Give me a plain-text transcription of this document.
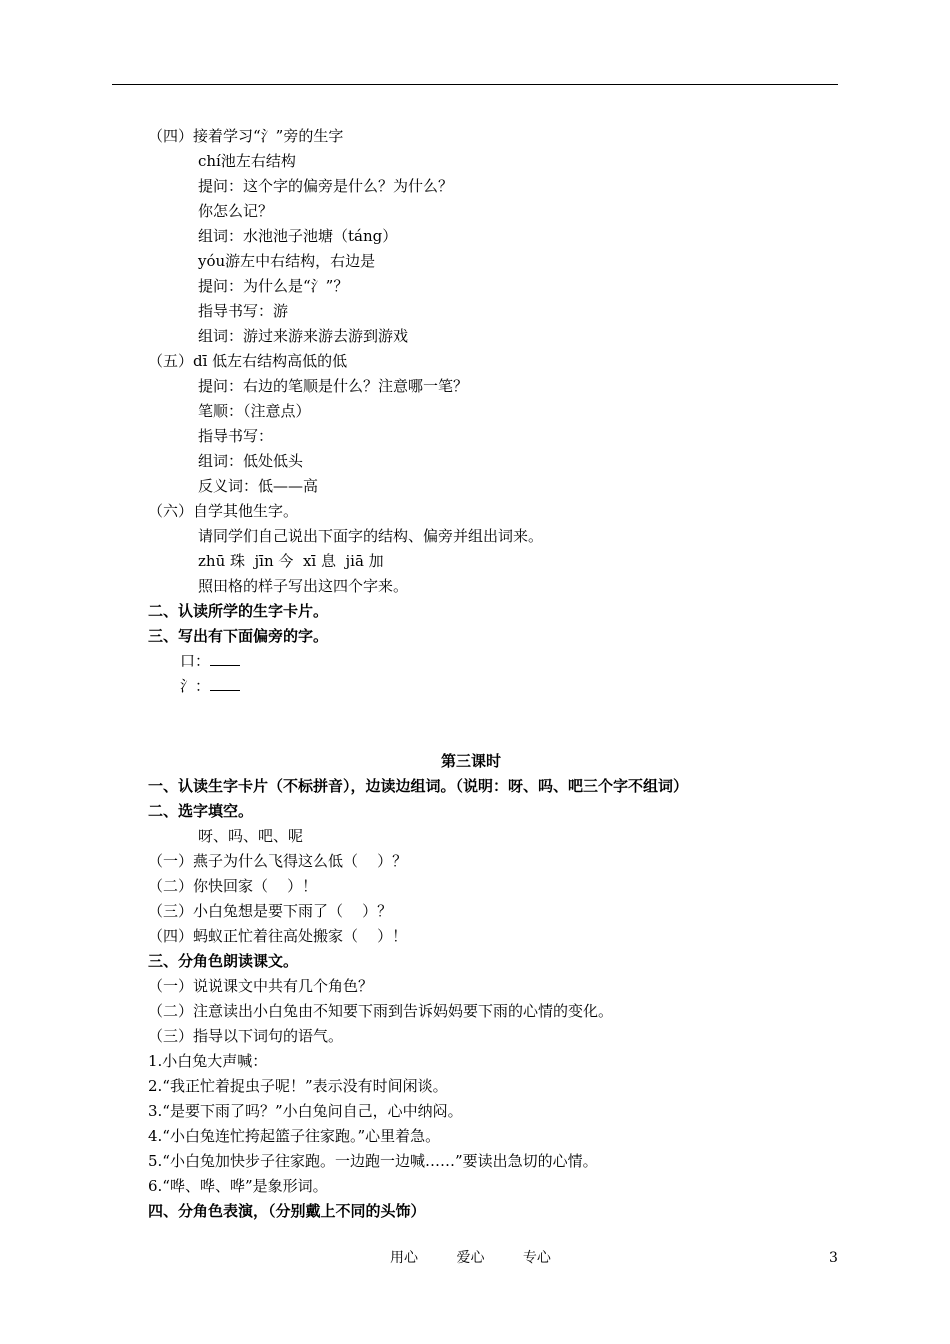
（四）接着学习“氵”旁的生字
chí池左右结构
提问：这个字的偏旁是什么？为什么？
你怎么记？
组词：水池池子池塘（táng）
yóu游左中右结构，右边是
提问：为什么是“氵”？
指导书写：游
组词：游过来游来游去游到游戏
（五）dī 低左右结构高低的低
提问：右边的笔顺是什么？注意哪一笔？
笔顺：（注意点）
指导书写：
组词：低处低头
反义词：低——高
（六）自学其他生字。
请同学们自己说出下面字的结构、偏旁并组出词来。
zhū 珠  jīn 今  xī 息  jiā 加
照田格的样子写出这四个字来。
二、认读所学的生字卡片。
三、写出有下面偏旁的字。
口：
氵：
第三课时
一、认读生字卡片（不标拼音），边读边组词。（说明：呀、吗、吧三个字不组词）
二、选字填空。
呀、吗、吧、呢
（一）燕子为什么飞得这么低（    ）？
（二）你快回家（    ）！
（三）小白兔想是要下雨了（    ）？
（四）蚂蚁正忙着往高处搬家（    ）！
三、分角色朗读课文。
（一）说说课文中共有几个角色？
（二）注意读出小白兔由不知要下雨到告诉妈妈要下雨的心情的变化。
（三）指导以下词句的语气。
1.小白兔大声喊：
2.“我正忙着捉虫子呢！”表示没有时间闲谈。
3.“是要下雨了吗？”小白兔问自己，心中纳闷。
4.“小白兔连忙挎起篮子往家跑。”心里着急。
5.“小白兔加快步子往家跑。一边跑一边喊……”要读出急切的心情。
6.“哗、哗、哗”是象形词。
四、分角色表演，（分别戴上不同的头饰）
用心	爱心	专心	3
